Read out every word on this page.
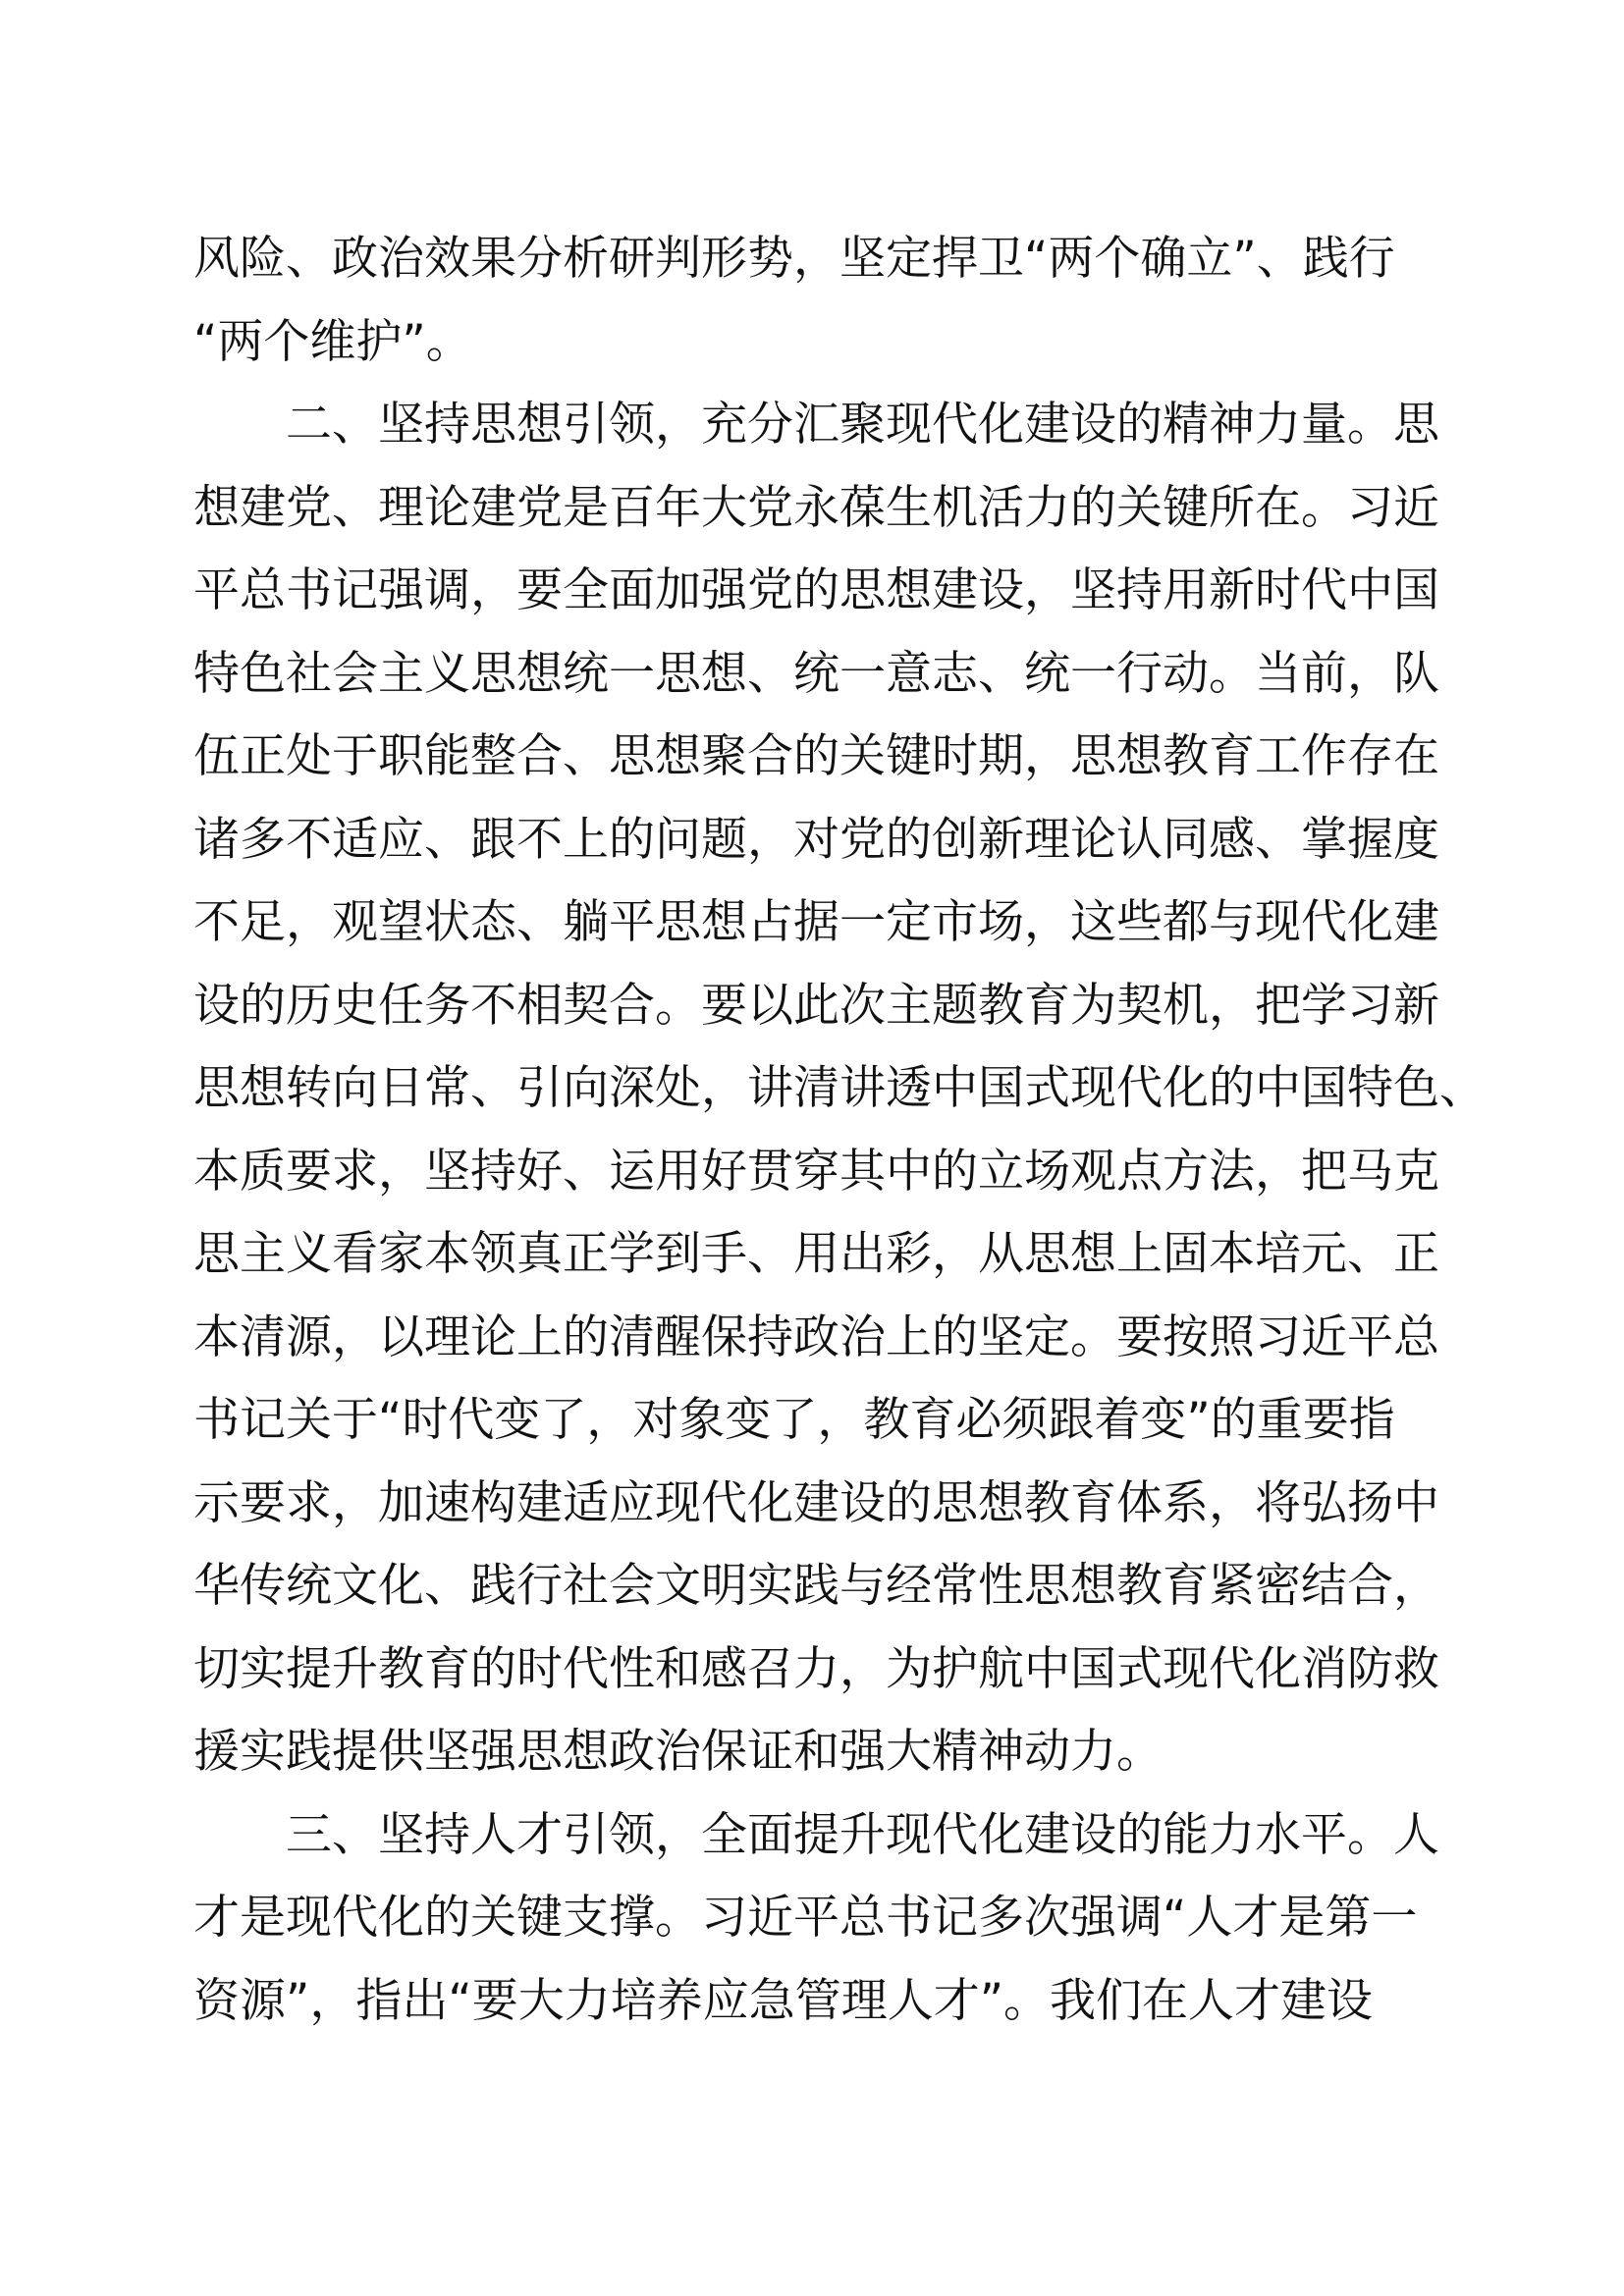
风险、政治效果分析研判形势，坚定捍卫“两个确立”、践行
“两个维护”。
二、坚持思想引领，充分汇聚现代化建设的精神力量。思
想建党、理论建党是百年大党永葆生机活力的关键所在。习近
平总书记强调，要全面加强党的思想建设，坚持用新时代中国
特色社会主义思想统一思想、统一意志、统一行动。当前，队
伍正处于职能整合、思想聚合的关键时期，思想教育工作存在
诸多不适应、跟不上的问题，对党的创新理论认同感、掌握度
不足，观望状态、躺平思想占据一定市场，这些都与现代化建
设的历史任务不相契合。要以此次主题教育为契机，把学习新
思想转向日常、引向深处，讲清讲透中国式现代化的中国特色、
本质要求，坚持好、运用好贯穿其中的立场观点方法，把马克
思主义看家本领真正学到手、用出彩，从思想上固本培元、正
本清源，以理论上的清醒保持政治上的坚定。要按照习近平总
书记关于“时代变了，对象变了，教育必须跟着变”的重要指
示要求，加速构建适应现代化建设的思想教育体系，将弘扬中
华传统文化、践行社会文明实践与经常性思想教育紧密结合，
切实提升教育的时代性和感召力，为护航中国式现代化消防救
援实践提供坚强思想政治保证和强大精神动力。
三、坚持人才引领，全面提升现代化建设的能力水平。人
才是现代化的关键支撑。习近平总书记多次强调“人才是第一
资源”，指出“要大力培养应急管理人才”。我们在人才建设
